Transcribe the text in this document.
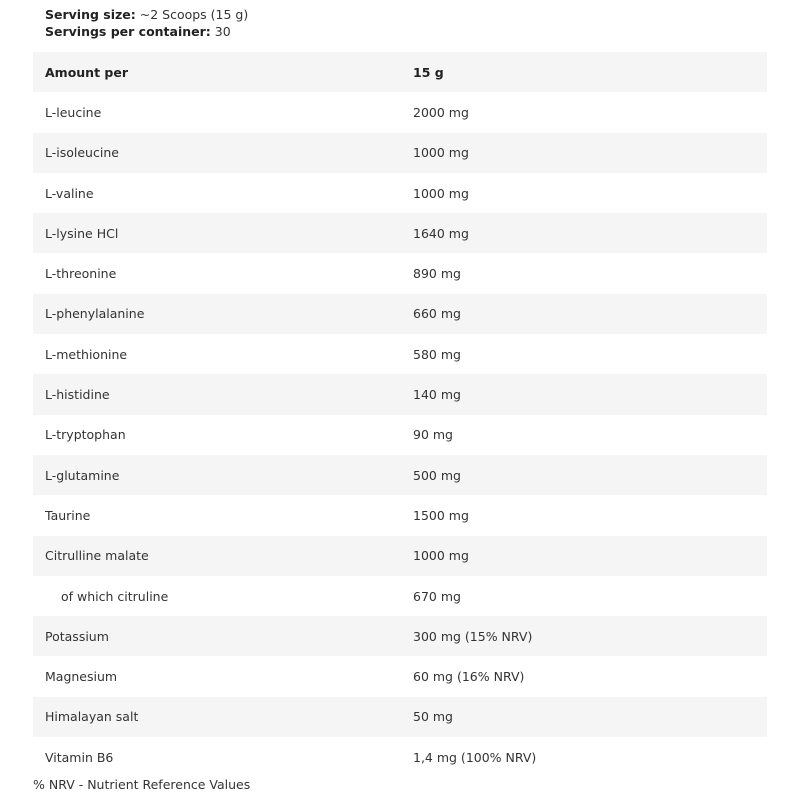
Serving size: ~2 Scoops (15 g)
Servings per container: 30
Amount per	15 g
L-leucine	2000 mg
L-isoleucine	1000 mg
L-valine	1000 mg
L-lysine HCl	1640 mg
L-threonine	890 mg
L-phenylalanine	660 mg
L-methionine	580 mg
L-histidine	140 mg
L-tryptophan	90 mg
L-glutamine	500 mg
Taurine	1500 mg
Citrulline malate	1000 mg
of which citruline	670 mg
Potassium	300 mg (15% NRV)
Magnesium	60 mg (16% NRV)
Himalayan salt	50 mg
Vitamin B6	1,4 mg (100% NRV)
% NRV - Nutrient Reference Values
